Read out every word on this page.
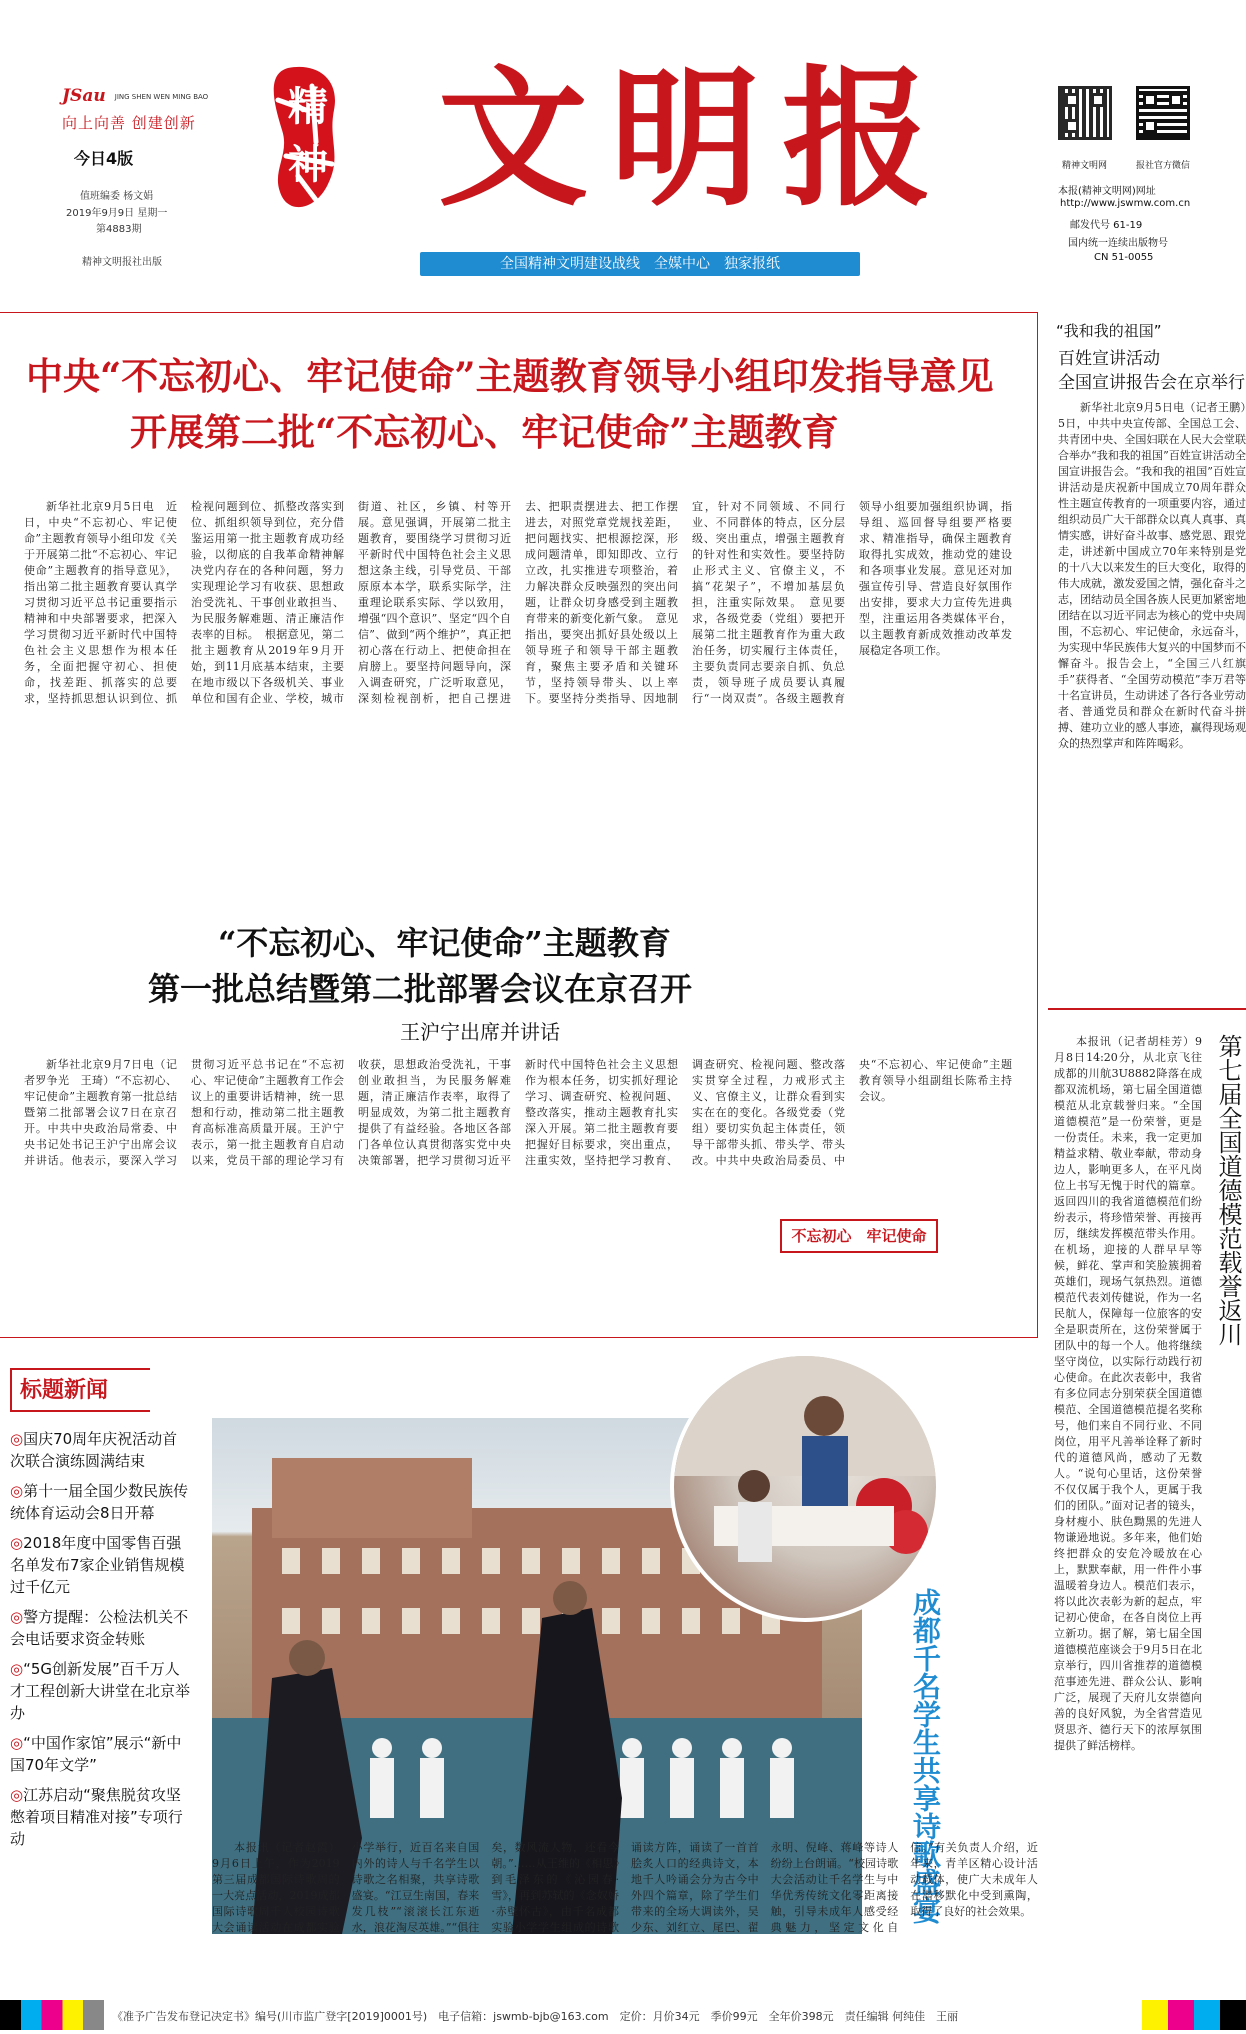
JSau JING SHEN WEN MING BAO
向上向善 创建创新
今日4版
值班编委 杨文娟
2019年9月9日 星期一
第4883期
精神文明报社出版
精神 文明报
全国精神文明建设战线　全媒中心　独家报纸
精神文明网	报社官方微信
本报(精神文明网)网址
http://www.jswmw.com.cn
邮发代号 61-19
国内统一连续出版物号
CN 51-0055
中央“不忘初心、牢记使命”主题教育领导小组印发指导意见
开展第二批“不忘初心、牢记使命”主题教育
新华社北京9月5日电　近日，中央“不忘初心、牢记使命”主题教育领导小组印发《关于开展第二批“不忘初心、牢记使命”主题教育的指导意见》，指出第二批主题教育要认真学习贯彻习近平总书记重要指示精神和中央部署要求，把深入学习贯彻习近平新时代中国特色社会主义思想作为根本任务，全面把握守初心、担使命，找差距、抓落实的总要求，坚持抓思想认识到位、抓检视问题到位、抓整改落实到位、抓组织领导到位，充分借鉴运用第一批主题教育成功经验，以彻底的自我革命精神解决党内存在的各种问题，努力实现理论学习有收获、思想政治受洗礼、干事创业敢担当、为民服务解难题、清正廉洁作表率的目标。　根据意见，第二批主题教育从2019年9月开始，到11月底基本结束，主要在地市级以下各级机关、事业单位和国有企业、学校，城市街道、社区，乡镇、村等开展。意见强调，开展第二批主题教育，要围绕学习贯彻习近平新时代中国特色社会主义思想这条主线，引导党员、干部原原本本学，联系实际学，注重理论联系实际、学以致用，增强“四个意识”、坚定“四个自信”、做到“两个维护”，真正把初心落在行动上、把使命担在肩膀上。要坚持问题导向，深入调查研究，广泛听取意见，深刻检视剖析，把自己摆进去、把职责摆进去、把工作摆进去，对照党章党规找差距，把问题找实、把根源挖深，形成问题清单，即知即改、立行立改，扎实推进专项整治，着力解决群众反映强烈的突出问题，让群众切身感受到主题教育带来的新变化新气象。　意见指出，要突出抓好县处级以上领导班子和领导干部主题教育，聚焦主要矛盾和关键环节，坚持领导带头、以上率下。要坚持分类指导、因地制宜，针对不同领域、不同行业、不同群体的特点，区分层级、突出重点，增强主题教育的针对性和实效性。要坚持防止形式主义、官僚主义，不搞“花架子”，不增加基层负担，注重实际效果。　意见要求，各级党委（党组）要把开展第二批主题教育作为重大政治任务，切实履行主体责任，主要负责同志要亲自抓、负总责，领导班子成员要认真履行“一岗双责”。各级主题教育领导小组要加强组织协调，指导组、巡回督导组要严格要求、精准指导，确保主题教育取得扎实成效，推动党的建设和各项事业发展。意见还对加强宣传引导、营造良好氛围作出安排，要求大力宣传先进典型，注重运用各类媒体平台，以主题教育新成效推动改革发展稳定各项工作。
“不忘初心、牢记使命”主题教育
第一批总结暨第二批部署会议在京召开
王沪宁出席并讲话
新华社北京9月7日电（记者罗争光　王琦）“不忘初心、牢记使命”主题教育第一批总结暨第二批部署会议7日在京召开。中共中央政治局常委、中央书记处书记王沪宁出席会议并讲话。他表示，要深入学习贯彻习近平总书记在“不忘初心、牢记使命”主题教育工作会议上的重要讲话精神，统一思想和行动，推动第二批主题教育高标准高质量开展。王沪宁表示，第一批主题教育自启动以来，党员干部的理论学习有收获，思想政治受洗礼，干事创业敢担当，为民服务解难题，清正廉洁作表率，取得了明显成效，为第二批主题教育提供了有益经验。各地区各部门各单位认真贯彻落实党中央决策部署，把学习贯彻习近平新时代中国特色社会主义思想作为根本任务，切实抓好理论学习、调查研究、检视问题、整改落实，推动主题教育扎实深入开展。第二批主题教育要把握好目标要求，突出重点，注重实效，坚持把学习教育、调查研究、检视问题、整改落实贯穿全过程，力戒形式主义、官僚主义，让群众看到实实在在的变化。各级党委（党组）要切实负起主体责任，领导干部带头抓、带头学、带头改。中共中央政治局委员、中央“不忘初心、牢记使命”主题教育领导小组副组长陈希主持会议。
不忘初心　牢记使命
“我和我的祖国”
百姓宣讲活动
全国宣讲报告会在京举行
新华社北京9月5日电（记者王鹏）5日，中共中央宣传部、全国总工会、共青团中央、全国妇联在人民大会堂联合举办“我和我的祖国”百姓宣讲活动全国宣讲报告会。“我和我的祖国”百姓宣讲活动是庆祝新中国成立70周年群众性主题宣传教育的一项重要内容，通过组织动员广大干部群众以真人真事、真情实感，讲好奋斗故事、感党恩、跟党走，讲述新中国成立70年来特别是党的十八大以来发生的巨大变化，取得的伟大成就，激发爱国之情，强化奋斗之志，团结动员全国各族人民更加紧密地团结在以习近平同志为核心的党中央周围，不忘初心、牢记使命，永远奋斗，为实现中华民族伟大复兴的中国梦而不懈奋斗。报告会上，“全国三八红旗手”获得者、“全国劳动模范”李万君等十名宣讲员，生动讲述了各行各业劳动者、普通党员和群众在新时代奋斗拼搏、建功立业的感人事迹，赢得现场观众的热烈掌声和阵阵喝彩。
本报讯（记者胡桂芳）9月8日14:20分，从北京飞往成都的川航3U8882降落在成都双流机场，第七届全国道德模范从北京载誉归来。“全国道德模范”是一份荣誉，更是一份责任。未来，我一定更加精益求精、敬业奉献，带动身边人，影响更多人，在平凡岗位上书写无愧于时代的篇章。返回四川的我省道德模范们纷纷表示，将珍惜荣誉、再接再厉，继续发挥模范带头作用。在机场，迎接的人群早早等候，鲜花、掌声和笑脸簇拥着英雄们，现场气氛热烈。道德模范代表刘传健说，作为一名民航人，保障每一位旅客的安全是职责所在，这份荣誉属于团队中的每一个人。他将继续坚守岗位，以实际行动践行初心使命。在此次表彰中，我省有多位同志分别荣获全国道德模范、全国道德模范提名奖称号，他们来自不同行业、不同岗位，用平凡善举诠释了新时代的道德风尚，感动了无数人。“说句心里话，这份荣誉不仅仅属于我个人，更属于我们的团队。”面对记者的镜头，身材瘦小、肤色黝黑的先进人物谦逊地说。多年来，他们始终把群众的安危冷暖放在心上，默默奉献，用一件件小事温暖着身边人。模范们表示，将以此次表彰为新的起点，牢记初心使命，在各自岗位上再立新功。据了解，第七届全国道德模范座谈会于9月5日在北京举行，四川省推荐的道德模范事迹先进、群众公认、影响广泛，展现了天府儿女崇德向善的良好风貌，为全省营造见贤思齐、德行天下的浓厚氛围提供了鲜活榜样。
第七届全国道德模范载誉返川
标题新闻
◎国庆70周年庆祝活动首次联合演练圆满结束
◎第十一届全国少数民族传统体育运动会8日开幕
◎2018年度中国零售百强名单发布7家企业销售规模过千亿元
◎警方提醒：公检法机关不会电话要求资金转账
◎“5G创新发展”百千万人才工程创新大讲堂在北京举办
◎“中国作家馆”展示“新中国70年文学”
◎江苏启动“聚焦脱贫攻坚憋着项目精准对接”专项行动	成都千名学生共享诗歌盛宴
本报讯（记者赵霞）9月6日上午，作为2019第三届成都国际诗歌周的一大亮点活动，2019成都国际诗歌周千人校园诗歌大会诵读活动在成都实验小学举行，近百名来自国内外的诗人与千名学生以诗歌之名相聚，共享诗歌盛宴。“江豆生南国，春来发几枝”“滚滚长江东逝水，浪花淘尽英雄。”“俱往矣，数风流人物，还看今朝。”……从王维的《相思》到毛泽东的《沁园春·雪》，再到苏轼的《念奴娇·赤壁怀古》，由千名成都实验小学学生组成的诗歌诵读方阵，诵读了一首首脍炙人口的经典诗文，本地千人吟诵会分为古今中外四个篇章，除了学生们带来的全场大调读外，吴少东、刘红立、尾巴、翟永明、倪峰、蒋峰等诗人纷纷上台朗诵。“校园诗歌大会活动让千名学生与中华优秀传统文化零距离接触，引导未成年人感受经典魅力，坚定文化自信。”有关负责人介绍，近年来，青羊区精心设计活动载体，使广大未成年人在潜移默化中受到熏陶，取得了良好的社会效果。
《准予广告发布登记决定书》编号(川市监广登字[2019]0001号)　电子信箱：jswmb-bjb@163.com　定价：月价34元　季价99元　全年价398元　责任编辑 何纯佳　王丽
